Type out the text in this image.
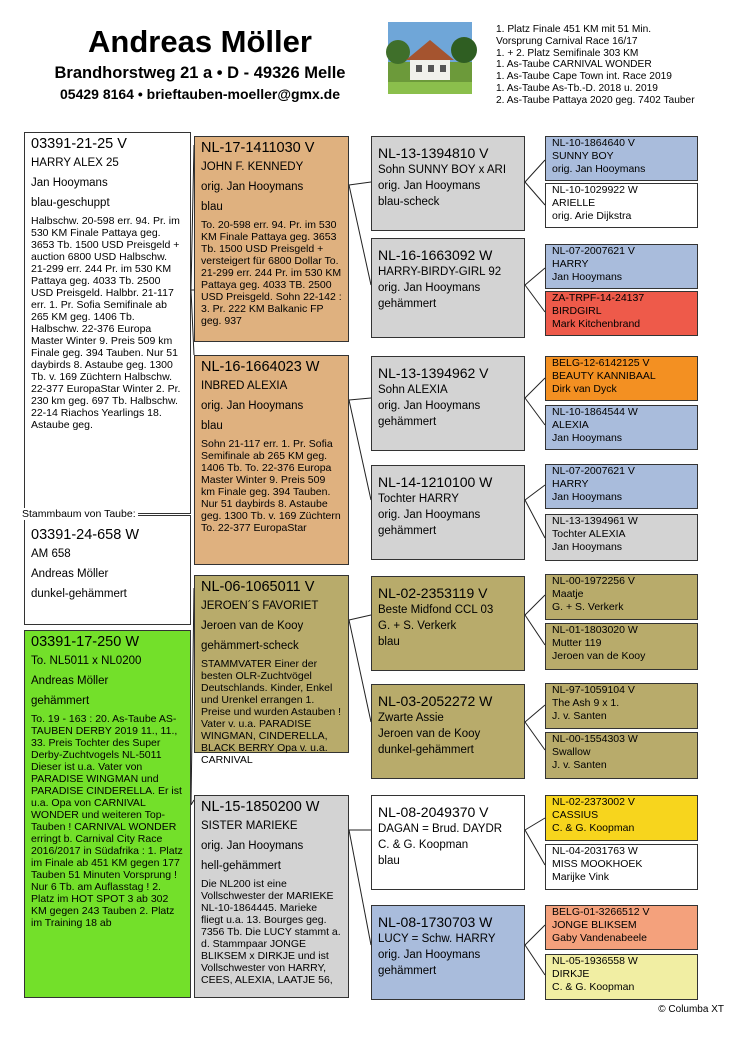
Andreas Möller
Brandhorstweg 21 a • D - 49326 Melle
05429 8164 • brieftauben-moeller@gmx.de
1. Platz Finale 451 KM mit 51 Min.
Vorsprung Carnival Race 16/17
1. + 2. Platz Semifinale 303 KM
1. As-Taube CARNIVAL WONDER
1. As-Taube Cape Town int. Race 2019
1. As-Taube As-Tb.-D. 2018 u. 2019
2. As-Taube Pattaya 2020 geg. 7402 Tauber
03391-21-25 V
HARRY ALEX 25
Jan Hooymans
blau-geschuppt
Halbschw. 20-598 err. 94. Pr. im 530 KM Finale Pattaya geg. 3653 Tb. 1500 USD Preisgeld + auction 6800 USD Halbschw. 21-299 err. 244 Pr. im 530 KM Pattaya geg. 4033 Tb. 2500 USD Preisgeld. Halbbr. 21-117 err. 1. Pr. Sofia Semifinale ab 265 KM geg. 1406 Tb. Halbschw. 22-376 Europa Master Winter 9. Preis 509 km Finale geg. 394 Tauben. Nur 51 daybirds 8. Astaube geg. 1300 Tb. v. 169 Züchtern Halbschw. 22-377 EuropaStar Winter 2. Pr. 230 km geg. 697 Tb. Halbschw. 22-14 Riachos Yearlings 18. Astaube geg.
03391-24-658 W
AM 658
Andreas Möller
dunkel-gehämmert
Stammbaum von Taube:
03391-17-250 W
To. NL5011 x NL0200
Andreas Möller
gehämmert
To. 19 - 163 : 20. As-Taube AS-TAUBEN DERBY 2019 11., 11., 33. Preis Tochter des Super Derby-Zuchtvogels NL-5011 Dieser ist u.a. Vater von PARADISE WINGMAN und PARADISE CINDERELLA. Er ist u.a. Opa von CARNIVAL WONDER und weiteren Top-Tauben ! CARNIVAL WONDER erringt b. Carnival City Race 2016/2017 in Südafrika : 1. Platz im Finale ab 451 KM gegen 177 Tauben 51 Minuten Vorsprung ! Nur 6 Tb. am Auflasstag ! 2. Platz im HOT SPOT 3 ab 302 KM gegen 243 Tauben 2. Platz im Training 18 ab
NL-17-1411030 V
JOHN F. KENNEDY
orig. Jan Hooymans
blau
To. 20-598 err. 94. Pr. im 530 KM Finale Pattaya geg. 3653 Tb. 1500 USD Preisgeld + versteigert für 6800 Dollar To. 21-299 err. 244 Pr. im 530 KM Pattaya geg. 4033 TB. 2500 USD Preisgeld. Sohn 22-142 : 3. Pr. 222 KM Balkanic FP geg. 937
NL-16-1664023 W
INBRED ALEXIA
orig. Jan Hooymans
blau
Sohn 21-117 err. 1. Pr. Sofia Semifinale ab 265 KM geg. 1406 Tb. To. 22-376 Europa Master Winter 9. Preis 509 km Finale geg. 394 Tauben. Nur 51 daybirds 8. Astaube geg. 1300 Tb. v. 169 Züchtern To. 22-377 EuropaStar
NL-06-1065011 V
JEROEN´S FAVORIET
Jeroen van de Kooy
gehämmert-scheck
STAMMVATER Einer der besten OLR-Zuchtvögel Deutschlands. Kinder, Enkel und Urenkel errangen 1. Preise und wurden Astauben ! Vater v. u.a. PARADISE WINGMAN, CINDERELLA, BLACK BERRY Opa v. u.a. CARNIVAL
NL-15-1850200 W
SISTER MARIEKE
orig. Jan Hooymans
hell-gehämmert
Die NL200 ist eine Vollschwester der MARIEKE NL-10-1864445. Marieke fliegt u.a. 13. Bourges geg. 7356 Tb. Die LUCY stammt a. d. Stammpaar JONGE BLIKSEM x DIRKJE und ist Vollschwester von HARRY, CEES, ALEXIA, LAATJE 56,
NL-13-1394810 V
Sohn SUNNY BOY x ARI
orig. Jan Hooymans
blau-scheck
NL-16-1663092 W
HARRY-BIRDY-GIRL 92
orig. Jan Hooymans
gehämmert
NL-13-1394962 V
Sohn ALEXIA
orig. Jan Hooymans
gehämmert
NL-14-1210100 W
Tochter HARRY
orig. Jan Hooymans
gehämmert
NL-02-2353119 V
Beste Midfond CCL 03
G. + S. Verkerk
blau
NL-03-2052272 W
Zwarte Assie
Jeroen van de Kooy
dunkel-gehämmert
NL-08-2049370 V
DAGAN = Brud. DAYDR
C. & G. Koopman
blau
NL-08-1730703 W
LUCY = Schw. HARRY
orig. Jan Hooymans
gehämmert
NL-10-1864640 V
SUNNY BOY
orig. Jan Hooymans
NL-10-1029922 W
ARIELLE
orig. Arie Dijkstra
NL-07-2007621 V
HARRY
Jan Hooymans
ZA-TRPF-14-24137
BIRDGIRL
Mark Kitchenbrand
BELG-12-6142125 V
BEAUTY KANNIBAAL
Dirk van Dyck
NL-10-1864544 W
ALEXIA
Jan Hooymans
NL-07-2007621 V
HARRY
Jan Hooymans
NL-13-1394961 W
Tochter ALEXIA
Jan Hooymans
NL-00-1972256 V
Maatje
G. + S. Verkerk
NL-01-1803020 W
Mutter 119
Jeroen van de Kooy
NL-97-1059104 V
The Ash 9 x 1.
J. v. Santen
NL-00-1554303 W
Swallow
J. v. Santen
NL-02-2373002 V
CASSIUS
C. & G. Koopman
NL-04-2031763 W
MISS MOOKHOEK
Marijke Vink
BELG-01-3266512 V
JONGE BLIKSEM
Gaby Vandenabeele
NL-05-1936558 W
DIRKJE
C. & G. Koopman
© Columba XT
